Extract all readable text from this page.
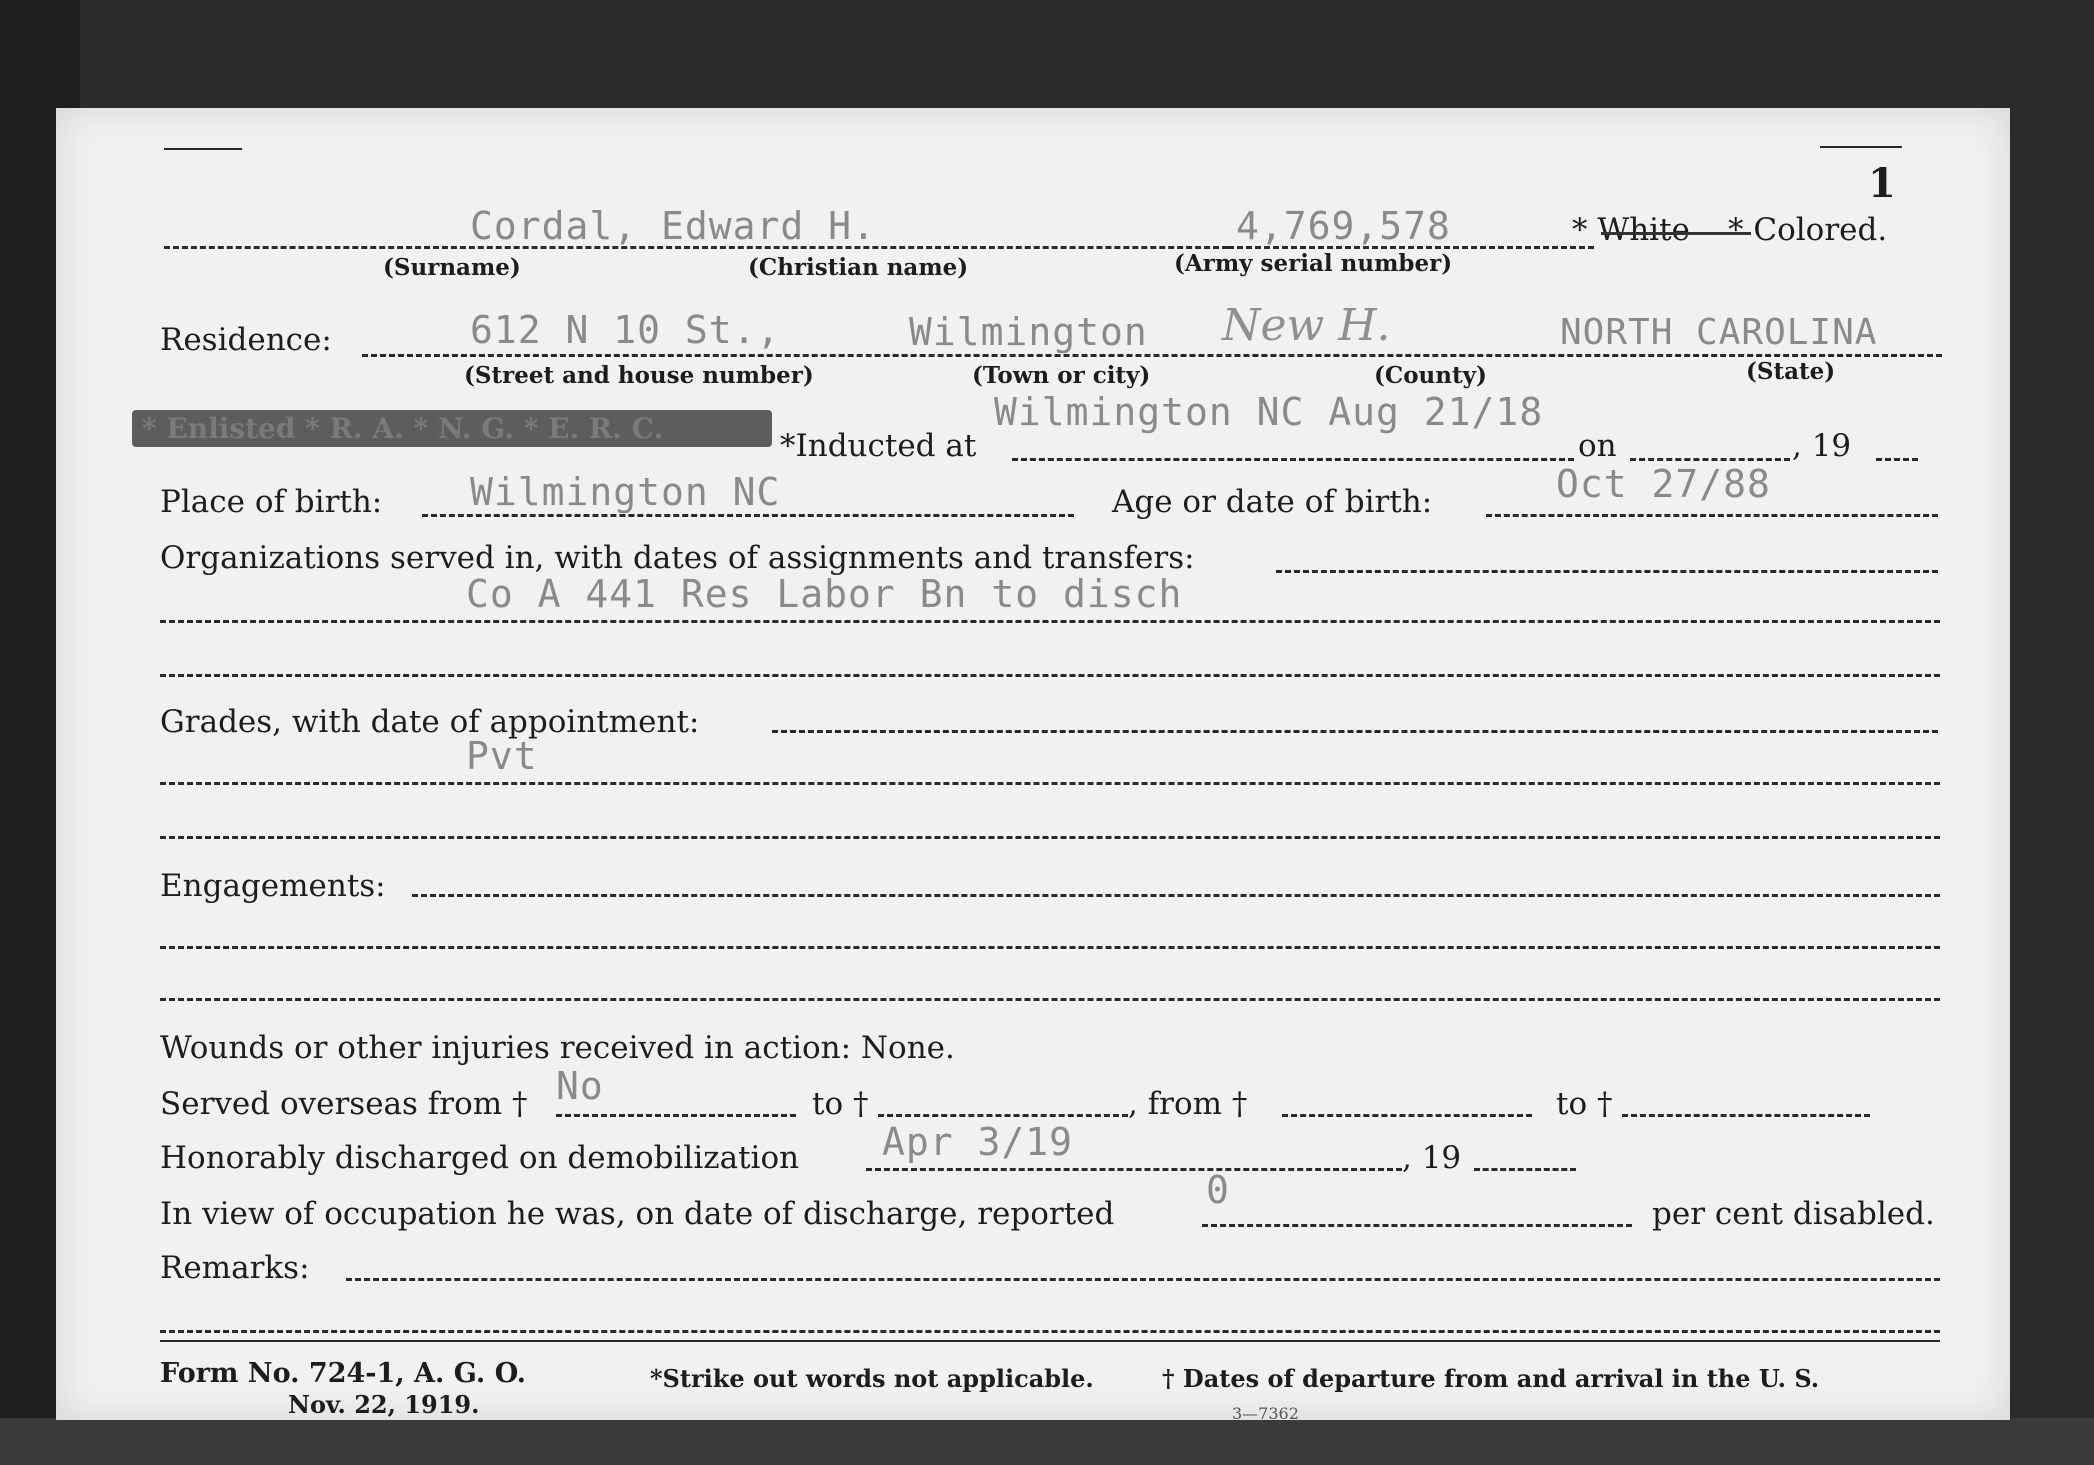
1
Cordal, Edward H.	4,769,578	* White * Colored.
(Surname)	(Christian name)	(Army serial number)
Residence:	612 N 10 St.,	Wilmington New H.	NORTH CAROLINA
(Street and house number)	(Town or city)	(County)	(State)
* Enlisted * R. A. * N. G. * E. R. C.	*Inducted at
Wilmington NC Aug 21/18
on	, 19
Place of birth: Wilmington NC	Age or date of birth:	Oct 27/88
Organizations served in, with dates of assignments and transfers:
Co A 441 Res Labor Bn to disch
Grades, with date of appointment:
Pvt
Engagements:
Wounds or other injuries received in action: None.
Served overseas from † No	to †	, from †	to †
Honorably discharged on demobilization Apr 3/19	, 19
In view of occupation he was, on date of discharge, reported
0
per cent disabled.
Remarks:
Form No. 724-1, A. G. O.
Nov. 22, 1919.
*Strike out words not applicable.	† Dates of departure from and arrival in the U. S.
3—7362
